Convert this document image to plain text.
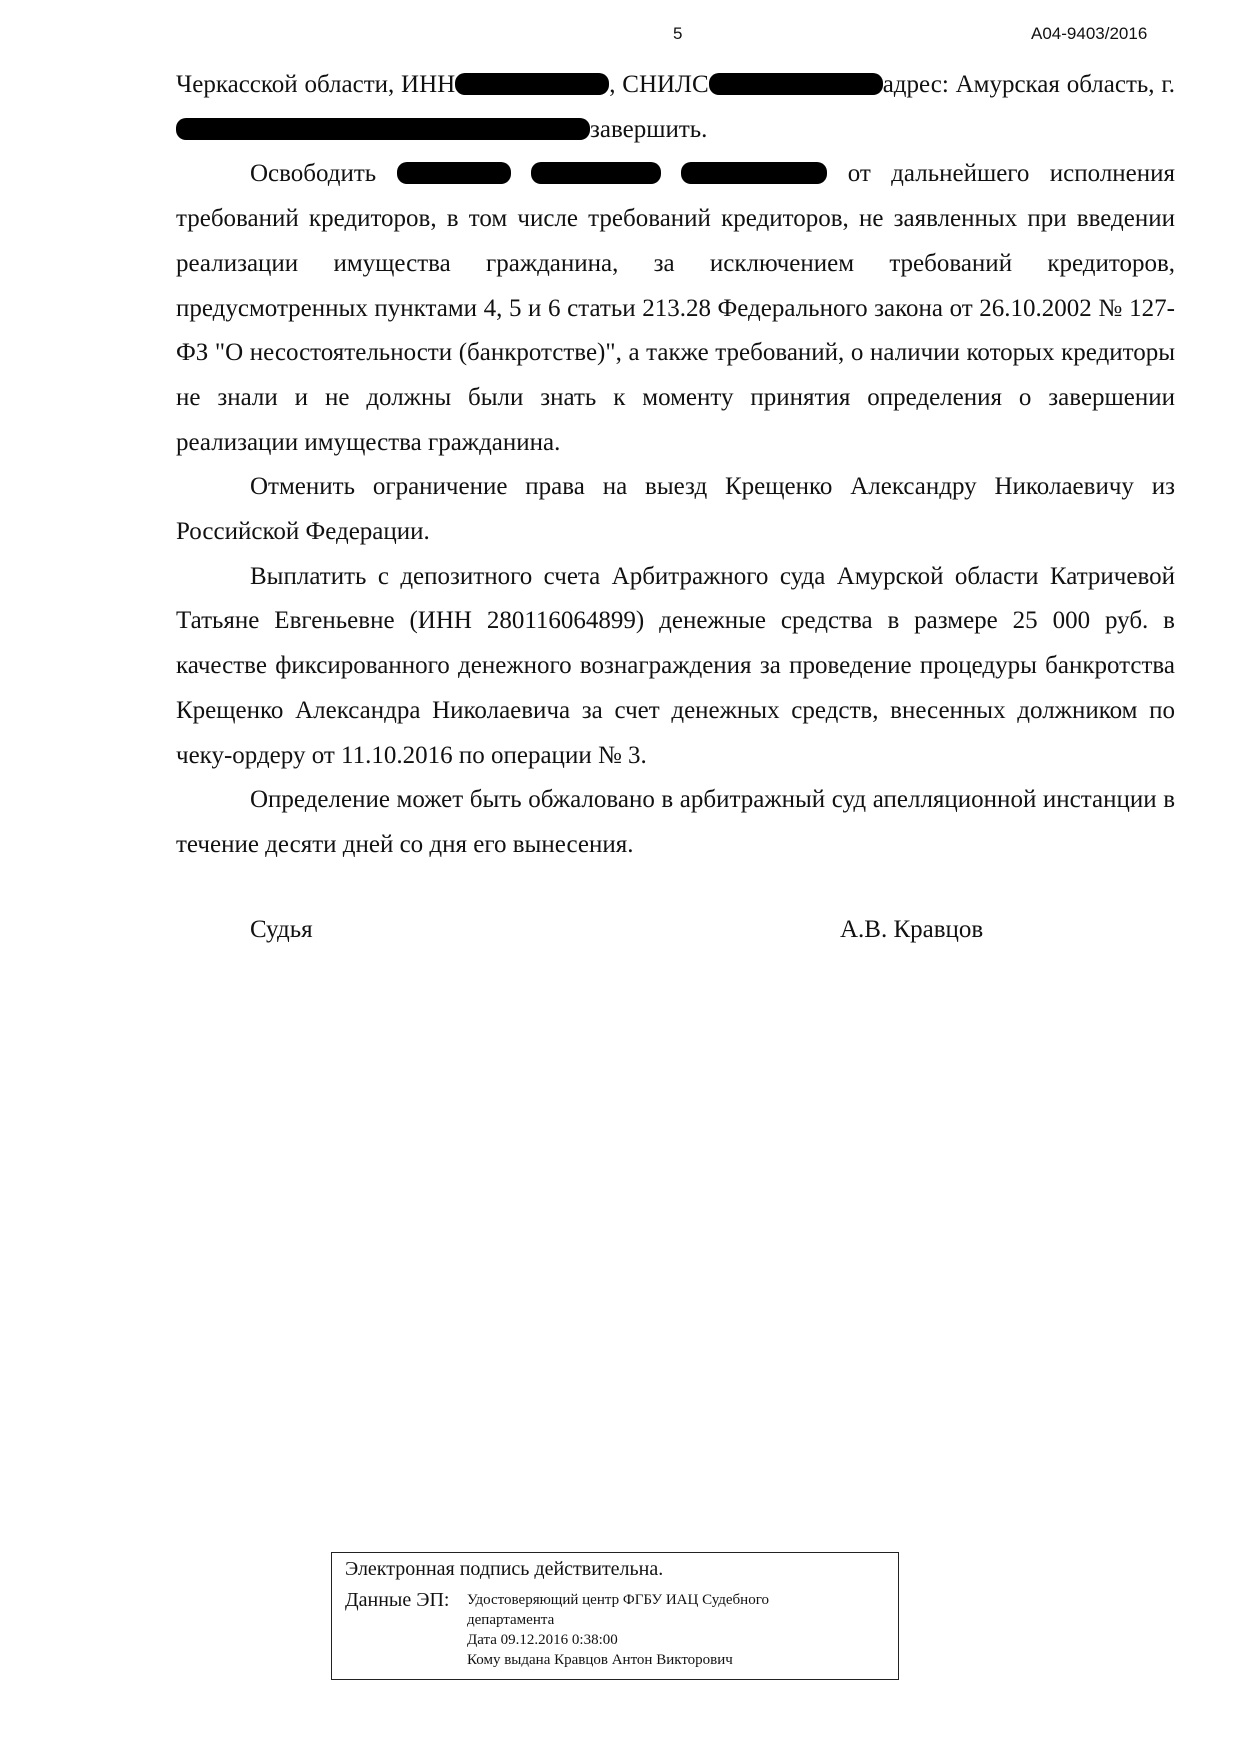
5	А04-9403/2016

Черкасской области, ИНН	, СНИЛС	адрес: Амурская область, г. завершить.

Освободить	от дальнейшего исполнения требований кредиторов, в том числе требований кредиторов, не заявленных при введении реализации имущества гражданина, за исключением требований кредиторов, предусмотренных пунктами 4, 5 и 6 статьи 213.28 Федерального закона от 26.10.2002 № 127-ФЗ "О несостоятельности (банкротстве)", а также требований, о наличии которых кредиторы не знали и не должны были знать к моменту принятия определения о завершении реализации имущества гражданина.

Отменить ограничение права на выезд Крещенко Александру Николаевичу из Российской Федерации.

Выплатить с депозитного счета Арбитражного суда Амурской области Катричевой Татьяне Евгеньевне (ИНН 280116064899) денежные средства в размере 25 000 руб. в качестве фиксированного денежного вознаграждения за проведение процедуры банкротства Крещенко Александра Николаевича за счет денежных средств, внесенных должником по чеку-ордеру от 11.10.2016 по операции № 3.

Определение может быть обжаловано в арбитражный суд апелляционной инстанции в течение десяти дней со дня его вынесения.

Судья	А.В. Кравцов
Электронная подпись действительна.
Данные ЭП: Удостоверяющий центр ФГБУ ИАЦ Судебного
департамента
Дата 09.12.2016 0:38:00
Кому выдана Кравцов Антон Викторович
